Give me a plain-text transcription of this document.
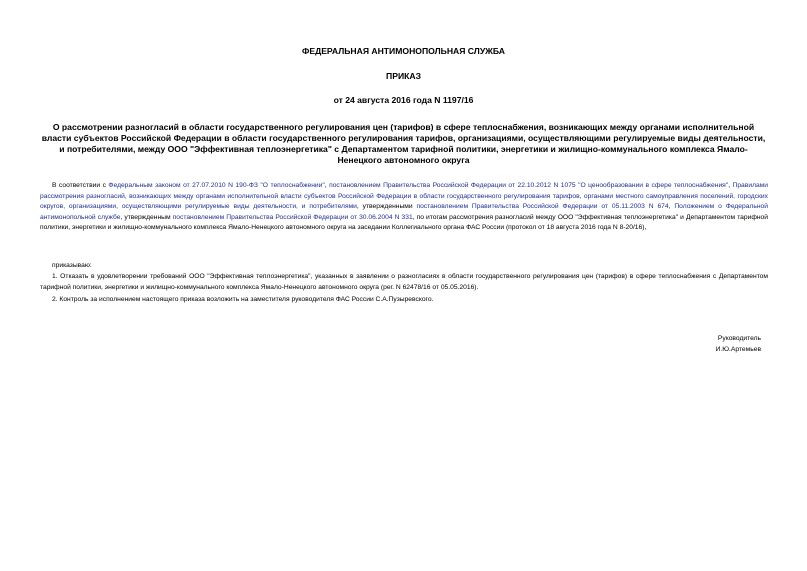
ФЕДЕРАЛЬНАЯ АНТИМОНОПОЛЬНАЯ СЛУЖБА
ПРИКАЗ
от 24 августа 2016 года N 1197/16
О рассмотрении разногласий в области государственного регулирования цен (тарифов) в сфере теплоснабжения, возникающих между органами исполнительной власти субъектов Российской Федерации в области государственного регулирования тарифов, организациями, осуществляющими регулируемые виды деятельности, и потребителями, между ООО "Эффективная теплоэнергетика" с Департаментом тарифной политики, энергетики и жилищно-коммунального комплекса Ямало-Ненецкого автономного округа
В соответствии с Федеральным законом от 27.07.2010 N 190-ФЗ "О теплоснабжении", постановлением Правительства Российской Федерации от 22.10.2012 N 1075 "О ценообразовании в сфере теплоснабжения", Правилами рассмотрения разногласий, возникающих между органами исполнительной власти субъектов Российской Федерации в области государственного регулирования тарифов, органами местного самоуправления поселений, городских округов, организациями, осуществляющими регулируемые виды деятельности, и потребителями, утвержденными постановлением Правительства Российской Федерации от 05.11.2003 N 674, Положением о Федеральной антимонопольной службе, утвержденным постановлением Правительства Российской Федерации от 30.06.2004 N 331, по итогам рассмотрения разногласий между ООО "Эффективная теплоэнергетика" и Департаментом тарифной политики, энергетики и жилищно-коммунального комплекса Ямало-Ненецкого автономного округа на заседании Коллегиального органа ФАС России (протокол от 18 августа 2016 года N 8-20/16),
приказываю:
1. Отказать в удовлетворении требований ООО "Эффективная теплоэнергетика", указанных в заявлении о разногласиях в области государственного регулирования цен (тарифов) в сфере теплоснабжения с Департаментом тарифной политики, энергетики и жилищно-коммунального комплекса Ямало-Ненецкого автономного округа (рег. N 62478/16 от 05.05.2016).
2. Контроль за исполнением настоящего приказа возложить на заместителя руководителя ФАС России С.А.Пузыревского.
Руководитель
И.Ю.Артемьев
